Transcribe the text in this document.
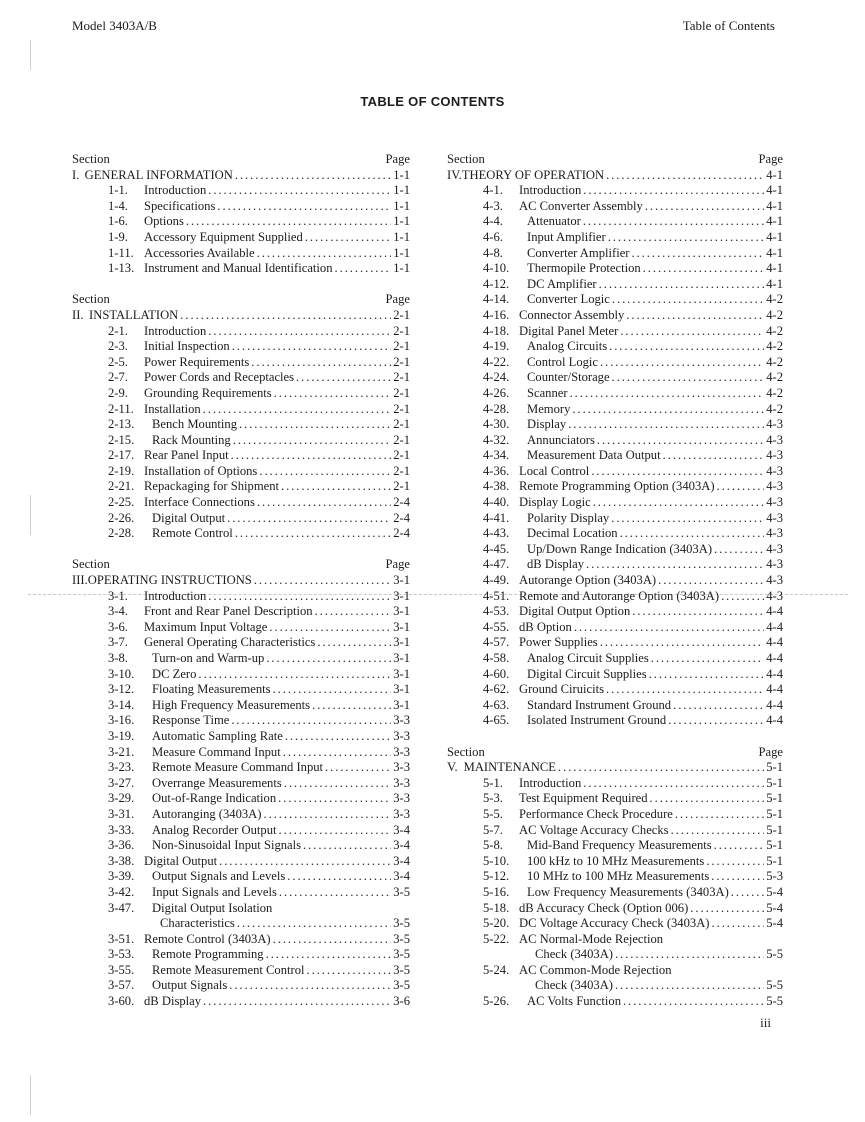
Model 3403A/B	Table of Contents
TABLE OF CONTENTS
Section	Page
I. GENERAL INFORMATION . . .	1-1
1-1.	Introduction . . .	1-1
1-4.	Specifications . . .	1-1
1-6.	Options . . .	1-1
1-9.	Accessory Equipment Supplied . . .	1-1
1-11. Accessories Available . . .	1-1
1-13. Instrument and Manual Identification . . .	1-1
Section	Page
II. INSTALLATION . . .	2-1
2-1.	Introduction . . .	2-1
2-3.	Initial Inspection . . .	2-1
2-5.	Power Requirements . . .	2-1
2-7.	Power Cords and Receptacles . . .	2-1
2-9.	Grounding Requirements . . .	2-1
2-11. Installation . . .	2-1
2-13.	Bench Mounting . . .	2-1
2-15.	Rack Mounting . . .	2-1
2-17. Rear Panel Input . . .	2-1
2-19. Installation of Options . . .	2-1
2-21. Repackaging for Shipment . . .	2-1
2-25. Interface Connections . . .	2-4
2-26.	Digital Output . . .	2-4
2-28.	Remote Control . . .	2-4
Section	Page
III. OPERATING INSTRUCTIONS . . .	3-1
3-1.	Introduction . . .	3-1
3-4.	Front and Rear Panel Description . . .	3-1
3-6.	Maximum Input Voltage . . .	3-1
3-7.	General Operating Characteristics . . .	3-1
3-8.	Turn-on and Warm-up . . .	3-1
3-10.	DC Zero . . .	3-1
3-12.	Floating Measurements . . .	3-1
3-14.	High Frequency Measurements . . .	3-1
3-16.	Response Time . . .	3-3
3-19.	Automatic Sampling Rate . . .	3-3
3-21.	Measure Command Input . . .	3-3
3-23.	Remote Measure Command Input . . .	3-3
3-27.	Overrange Measurements . . .	3-3
3-29.	Out-of-Range Indication . . .	3-3
3-31.	Autoranging (3403A) . . .	3-3
3-33.	Analog Recorder Output . . .	3-4
3-36.	Non-Sinusoidal Input Signals . . .	3-4
3-38. Digital Output . . .	3-4
3-39.	Output Signals and Levels . . .	3-4
3-42.	Input Signals and Levels . . .	3-5
3-47.	Digital Output Isolation
Characteristics . . .	3-5
3-51. Remote Control (3403A) . . .	3-5
3-53.	Remote Programming . . .	3-5
3-55.	Remote Measurement Control . . .	3-5
3-57.	Output Signals . . .	3-5
3-60. dB Display . . .	3-6
Section	Page
IV. THEORY OF OPERATION . . .	4-1
4-1.	Introduction . . .	4-1
4-3.	AC Converter Assembly . . .	4-1
4-4.	Attenuator . . .	4-1
4-6.	Input Amplifier . . .	4-1
4-8.	Converter Amplifier . . .	4-1
4-10.	Thermopile Protection . . .	4-1
4-12.	DC Amplifier . . .	4-1
4-14.	Converter Logic . . .	4-2
4-16. Connector Assembly . . .	4-2
4-18. Digital Panel Meter . . .	4-2
4-19.	Analog Circuits . . .	4-2
4-22.	Control Logic . . .	4-2
4-24.	Counter/Storage . . .	4-2
4-26.	Scanner . . .	4-2
4-28.	Memory . . .	4-2
4-30.	Display . . .	4-3
4-32.	Annunciators . . .	4-3
4-34.	Measurement Data Output . . .	4-3
4-36. Local Control . . .	4-3
4-38. Remote Programming Option (3403A) . . .	4-3
4-40. Display Logic . . .	4-3
4-41.	Polarity Display . . .	4-3
4-43.	Decimal Location . . .	4-3
4-45.	Up/Down Range Indication (3403A) . . .	4-3
4-47.	dB Display . . .	4-3
4-49. Autorange Option (3403A) . . .	4-3
4-51. Remote and Autorange Option (3403A) . . .	4-3
4-53. Digital Output Option . . .	4-4
4-55. dB Option . . .	4-4
4-57. Power Supplies . . .	4-4
4-58.	Analog Circuit Supplies . . .	4-4
4-60.	Digital Circuit Supplies . . .	4-4
4-62. Ground Ciruicits . . .	4-4
4-63.	Standard Instrument Ground . . .	4-4
4-65.	Isolated Instrument Ground . . .	4-4
Section	Page
V. MAINTENANCE . . .	5-1
5-1.	Introduction . . .	5-1
5-3.	Test Equipment Required . . .	5-1
5-5.	Performance Check Procedure . . .	5-1
5-7.	AC Voltage Accuracy Checks . . .	5-1
5-8.	Mid-Band Frequency Measurements . . .	5-1
5-10.	100 kHz to 10 MHz Measurements . . .	5-1
5-12.	10 MHz to 100 MHz Measurements . . .	5-3
5-16.	Low Frequency Measurements (3403A) . . .	5-4
5-18. dB Accuracy Check (Option 006) . . .	5-4
5-20. DC Voltage Accuracy Check (3403A) . . .	5-4
5-22. AC Normal-Mode Rejection
Check (3403A) . . .	5-5
5-24. AC Common-Mode Rejection
Check (3403A) . . .	5-5
5-26.	AC Volts Function . . .	5-5
iii
